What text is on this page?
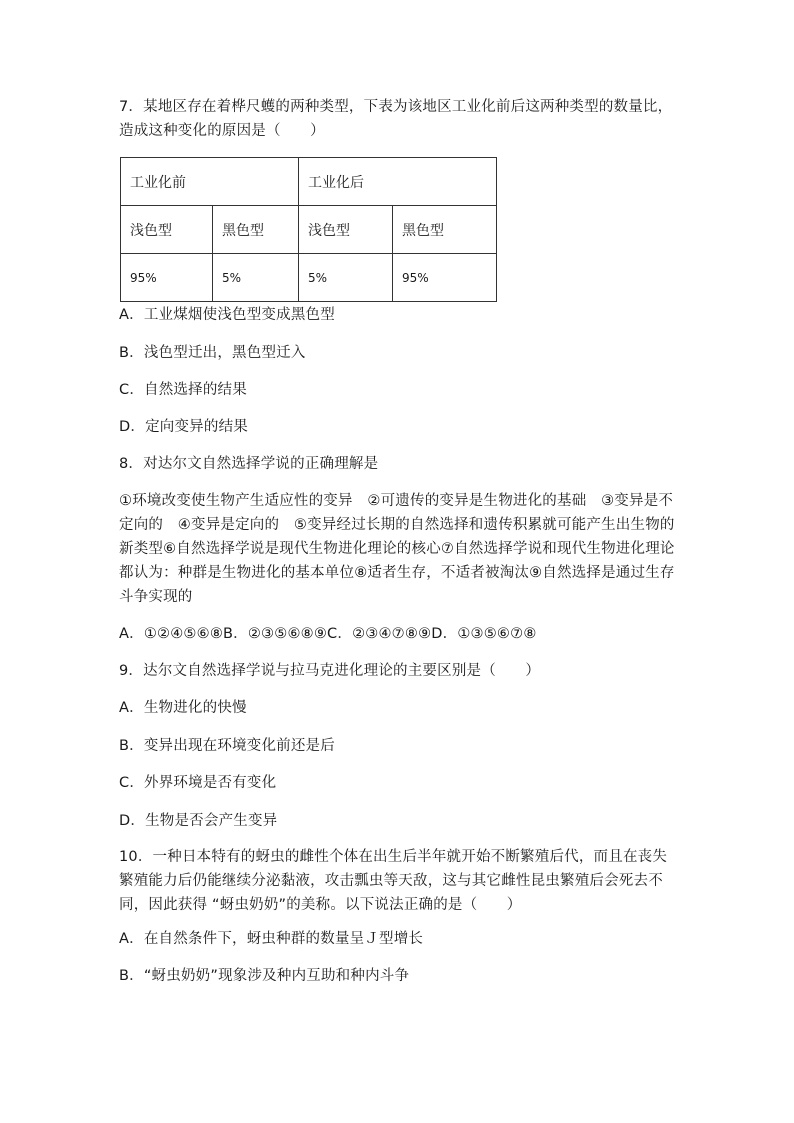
7．某地区存在着桦尺蠖的两种类型，下表为该地区工业化前后这两种类型的数量比，
造成这种变化的原因是（　　）
工业化前		工业化后	
浅色型	黑色型	浅色型	黑色型
95%	5%	5%	95%
A．工业煤烟使浅色型变成黑色型
B．浅色型迁出，黑色型迁入
C．自然选择的结果
D．定向变异的结果
8．对达尔文自然选择学说的正确理解是
①环境改变使生物产生适应性的变异　②可遗传的变异是生物进化的基础　③变异是不定向的　④变异是定向的　⑤变异经过长期的自然选择和遗传积累就可能产生出生物的新类型⑥自然选择学说是现代生物进化理论的核心⑦自然选择学说和现代生物进化理论都认为：种群是生物进化的基本单位⑧适者生存，不适者被淘汰⑨自然选择是通过生存斗争实现的
A．①②④⑤⑥⑧B．②③⑤⑥⑧⑨C．②③④⑦⑧⑨D．①③⑤⑥⑦⑧
9．达尔文自然选择学说与拉马克进化理论的主要区别是（　　）
A．生物进化的快慢
B．变异出现在环境变化前还是后
C．外界环境是否有变化
D．生物是否会产生变异
10．一种日本特有的蚜虫的雌性个体在出生后半年就开始不断繁殖后代，而且在丧失繁殖能力后仍能继续分泌黏液，攻击瓢虫等天敌，这与其它雌性昆虫繁殖后会死去不同，因此获得 “蚜虫奶奶”的美称。以下说法正确的是（　　）
A．在自然条件下，蚜虫种群的数量呈Ｊ型增长
B．“蚜虫奶奶”现象涉及种内互助和种内斗争
